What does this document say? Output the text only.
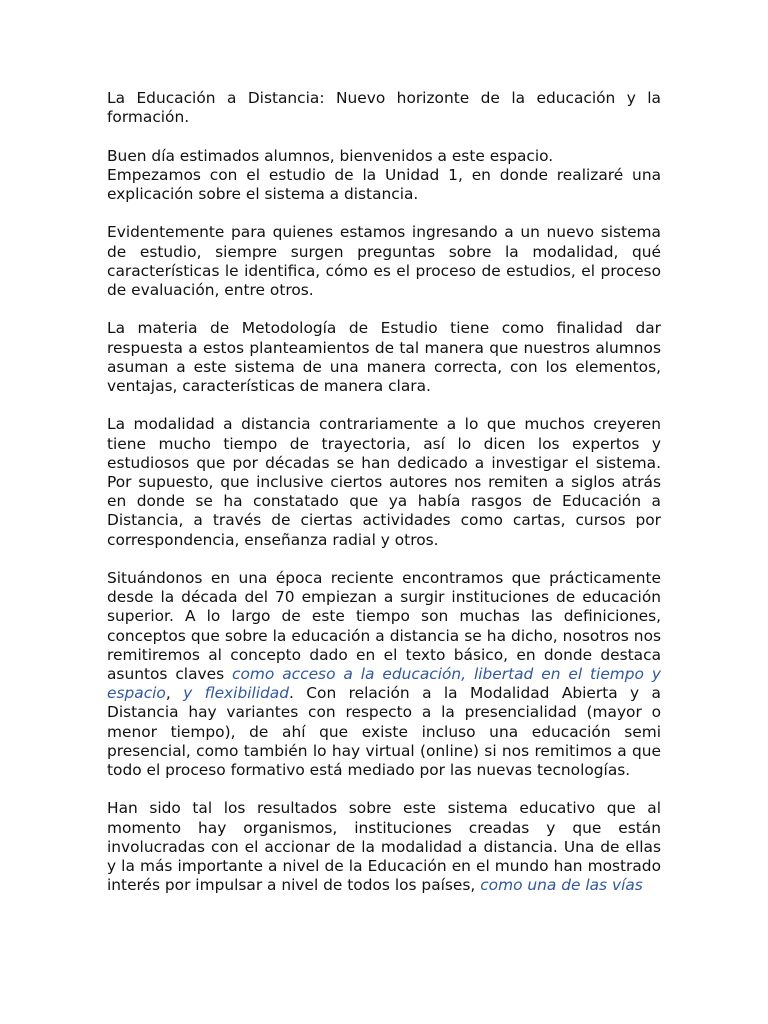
La Educación a Distancia: Nuevo horizonte de la educación y la formación.

Buen día estimados alumnos, bienvenidos a este espacio.

Empezamos con el estudio de la Unidad 1, en donde realizaré una explicación sobre el sistema a distancia.

Evidentemente para quienes estamos ingresando a un nuevo sistema de estudio, siempre surgen preguntas sobre la modalidad, qué características le identifica, cómo es el proceso de estudios, el proceso de evaluación, entre otros.

La materia de Metodología de Estudio tiene como finalidad dar respuesta a estos planteamientos de tal manera que nuestros alumnos asuman a este sistema de una manera correcta, con los elementos, ventajas, características de manera clara.

La modalidad a distancia contrariamente a lo que muchos creyeren tiene mucho tiempo de trayectoria, así lo dicen los expertos y estudiosos que por décadas se han dedicado a investigar el sistema. Por supuesto, que inclusive ciertos autores nos remiten a siglos atrás en donde se ha constatado que ya había rasgos de Educación a Distancia, a través de ciertas actividades como cartas, cursos por correspondencia, enseñanza radial y otros.

Situándonos en una época reciente encontramos que prácticamente desde la década del 70 empiezan a surgir instituciones de educación superior. A lo largo de este tiempo son muchas las definiciones, conceptos que sobre la educación a distancia se ha dicho, nosotros nos remitiremos al concepto dado en el texto básico, en donde destaca asuntos claves como acceso a la educación, libertad en el tiempo y espacio, y flexibilidad. Con relación a la Modalidad Abierta y a Distancia hay variantes con respecto a la presencialidad (mayor o menor tiempo), de ahí que existe incluso una educación semi presencial, como también lo hay virtual (online) si nos remitimos a que todo el proceso formativo está mediado por las nuevas tecnologías.

Han sido tal los resultados sobre este sistema educativo que al momento hay organismos, instituciones creadas y que están involucradas con el accionar de la modalidad a distancia. Una de ellas y la más importante a nivel de la Educación en el mundo han mostrado interés por impulsar a nivel de todos los países, como una de las vías
